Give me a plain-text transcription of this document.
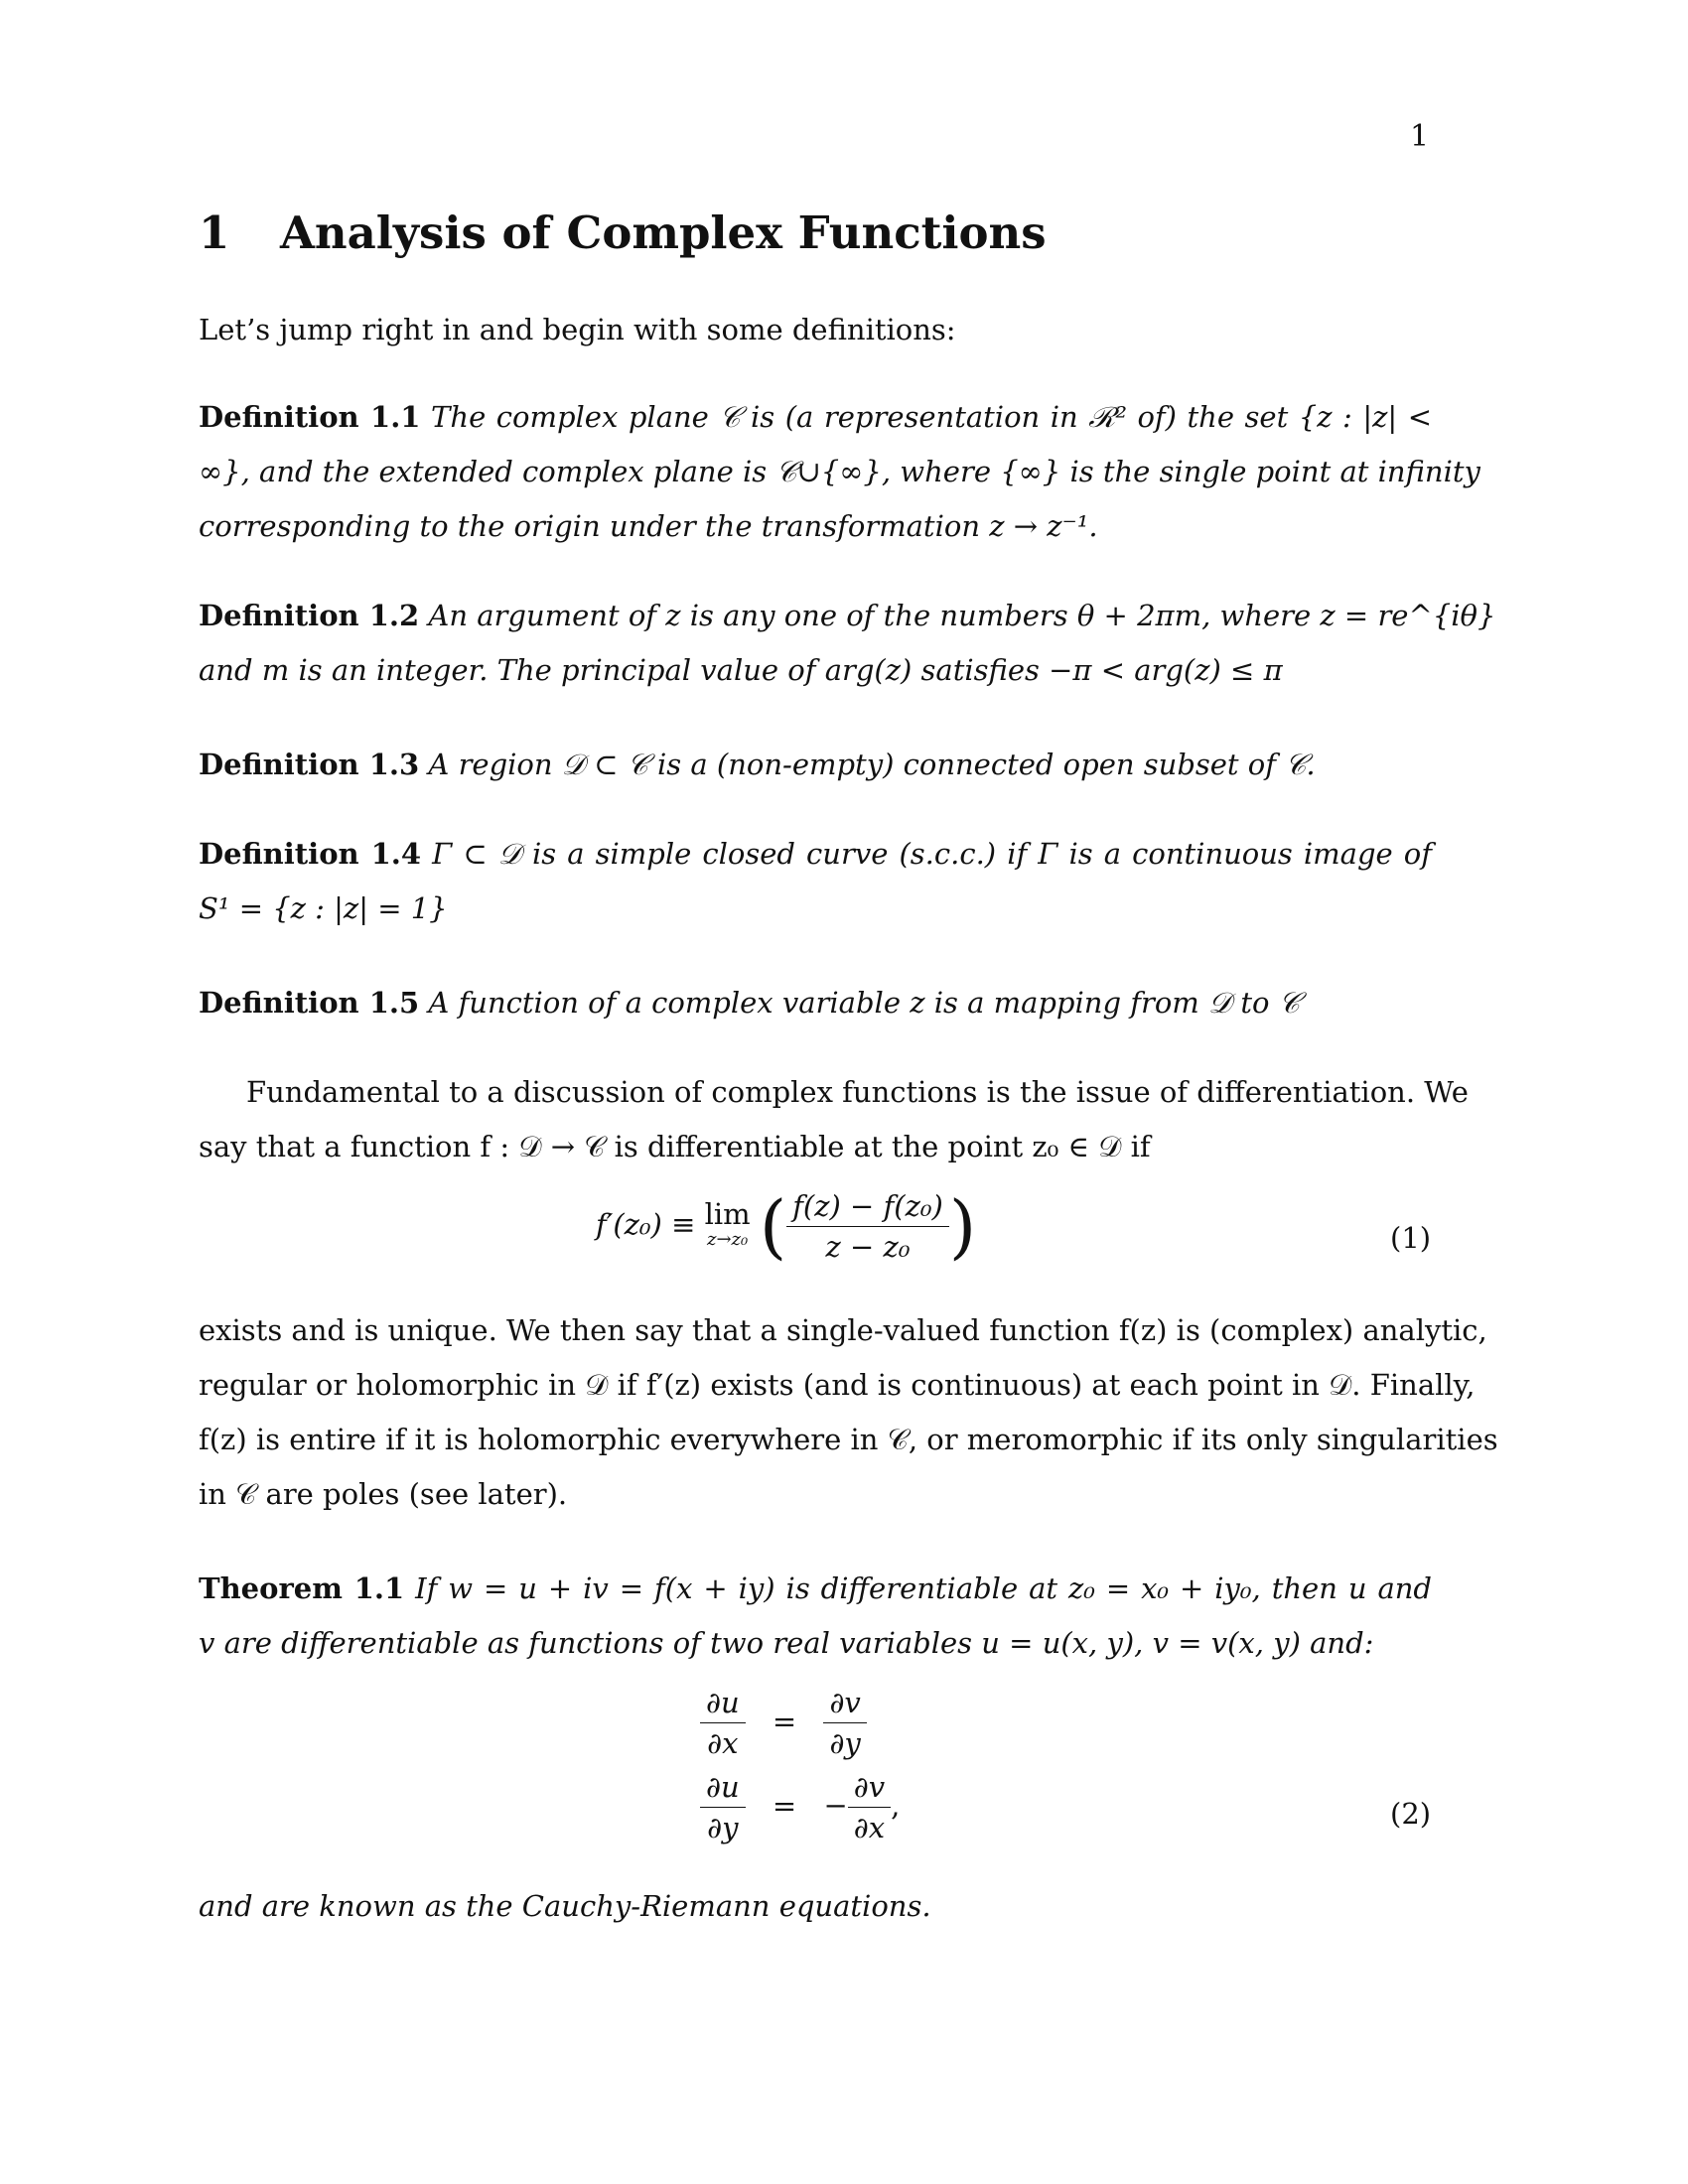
1
1 Analysis of Complex Functions
Let’s jump right in and begin with some definitions:
Definition 1.1 The complex plane 𝒞 is (a representation in ℛ² of) the set {z : |z| <
∞}, and the extended complex plane is 𝒞∪{∞}, where {∞} is the single point at infinity
corresponding to the origin under the transformation z → z⁻¹.
Definition 1.2 An argument of z is any one of the numbers θ + 2πm, where z = re^{iθ}
and m is an integer. The principal value of arg(z) satisfies −π < arg(z) ≤ π
Definition 1.3 A region 𝒟 ⊂ 𝒞 is a (non-empty) connected open subset of 𝒞.
Definition 1.4 Γ ⊂ 𝒟 is a simple closed curve (s.c.c.) if Γ is a continuous image of
S¹ = {z : |z| = 1}
Definition 1.5 A function of a complex variable z is a mapping from 𝒟 to 𝒞
Fundamental to a discussion of complex functions is the issue of differentiation. We
say that a function f : 𝒟 → 𝒞 is differentiable at the point z₀ ∈ 𝒟 if
f′(z₀) ≡ lim
z→z₀ ( $\frac{\text{f(z) − f(z₀)}}{\text{z − z₀}}$ )	(1)
exists and is unique. We then say that a single-valued function f(z) is (complex) analytic,
regular or holomorphic in 𝒟 if f′(z) exists (and is continuous) at each point in 𝒟. Finally,
f(z) is entire if it is holomorphic everywhere in 𝒞, or meromorphic if its only singularities
in 𝒞 are poles (see later).
Theorem 1.1 If w = u + iv = f(x + iy) is differentiable at z₀ = x₀ + iy₀, then u and
v are differentiable as functions of two real variables u = u(x, y), v = v(x, y) and:
$\frac{\partial u}{\partial x} = \frac{\partial v}{\partial y}$
$\frac{\partial u}{\partial y}$ = − $\frac{\partial v}{\partial x}$ ,	(2)
and are known as the Cauchy-Riemann equations.
